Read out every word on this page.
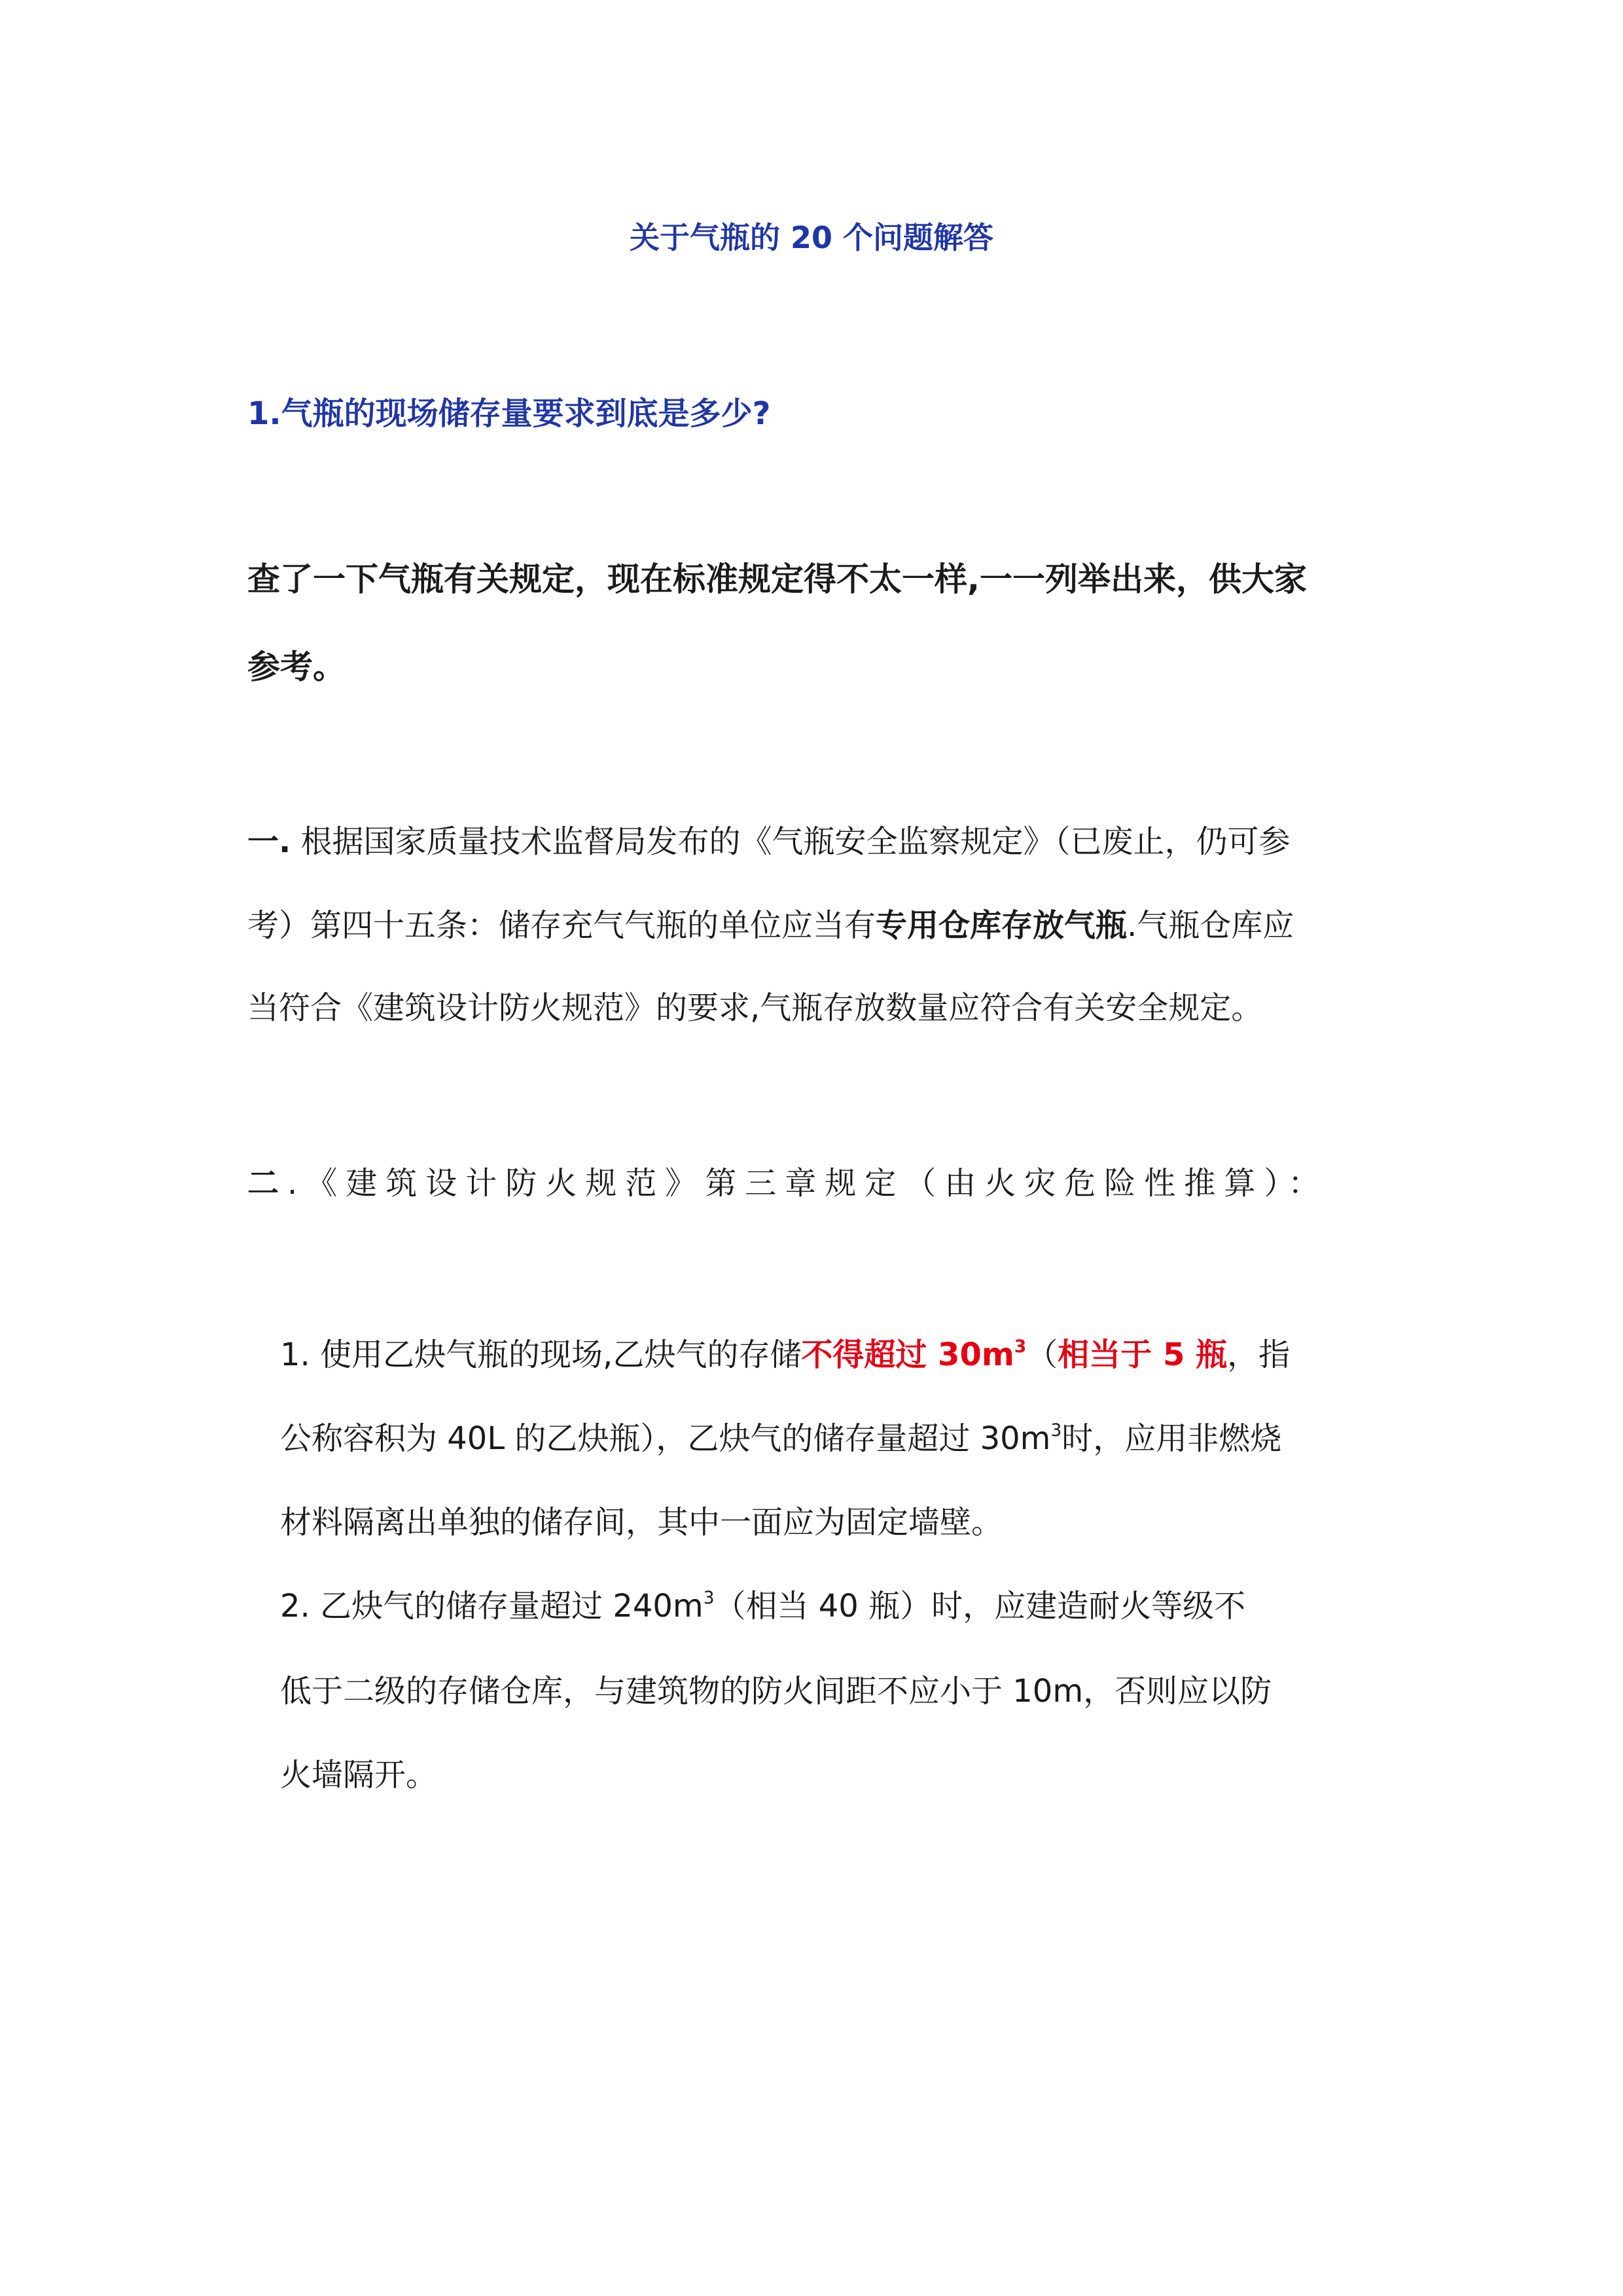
关于气瓶的 20 个问题解答
1.气瓶的现场储存量要求到底是多少?
查了一下气瓶有关规定，现在标准规定得不太一样,一一列举出来，供大家
参考。
一. 根据国家质量技术监督局发布的《气瓶安全监察规定》（已废止，仍可参
考）第四十五条：储存充气气瓶的单位应当有专用仓库存放气瓶.气瓶仓库应
当符合《建筑设计防火规范》的要求,气瓶存放数量应符合有关安全规定。
二.《建筑设计防火规范》第三章规定（由火灾危险性推算）：
1. 使用乙炔气瓶的现场,乙炔气的存储不得超过 $30m^3$（相当于 5 瓶，指
公称容积为 40L 的乙炔瓶），乙炔气的储存量超过 $30m^3$时，应用非燃烧
材料隔离出单独的储存间，其中一面应为固定墙壁。
2. 乙炔气的储存量超过 $240m^3$（相当 40 瓶）时，应建造耐火等级不
低于二级的存储仓库，与建筑物的防火间距不应小于 10m，否则应以防
火墙隔开。
